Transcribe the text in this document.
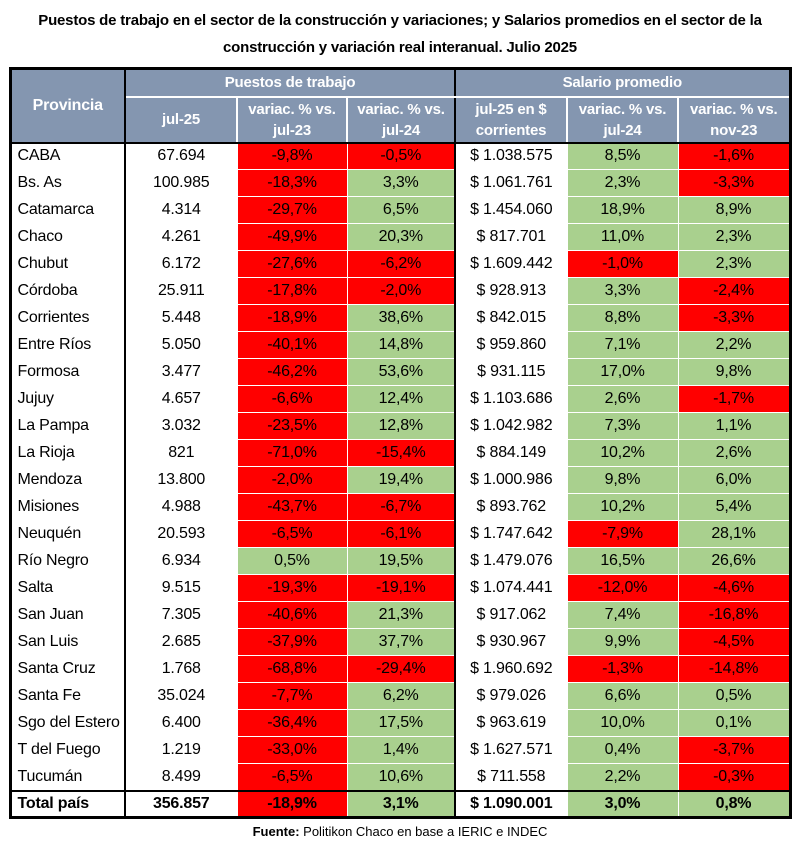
Puestos de trabajo en el sector de la construcción y variaciones; y Salarios promedios en el sector de la
construcción y variación real interanual. Julio 2025
Provincia	Puestos de trabajo			Salario promedio		

jul-25

variac. % vs.
jul-23

variac. % vs.
jul-24

jul-25 en $
corrientes

variac. % vs.
jul-24

variac. % vs.
nov-23

CABA	67.694	-9,8%	-0,5%	$ 1.038.575	8,5%	-1,6%
Bs. As	100.985	-18,3%	3,3%	$ 1.061.761	2,3%	-3,3%
Catamarca	4.314	-29,7%	6,5%	$ 1.454.060	18,9%	8,9%
Chaco	4.261	-49,9%	20,3%	$ 817.701	11,0%	2,3%
Chubut	6.172	-27,6%	-6,2%	$ 1.609.442	-1,0%	2,3%
Córdoba	25.911	-17,8%	-2,0%	$ 928.913	3,3%	-2,4%
Corrientes	5.448	-18,9%	38,6%	$ 842.015	8,8%	-3,3%
Entre Ríos	5.050	-40,1%	14,8%	$ 959.860	7,1%	2,2%
Formosa	3.477	-46,2%	53,6%	$ 931.115	17,0%	9,8%
Jujuy	4.657	-6,6%	12,4%	$ 1.103.686	2,6%	-1,7%
La Pampa	3.032	-23,5%	12,8%	$ 1.042.982	7,3%	1,1%
La Rioja	821	-71,0%	-15,4%	$ 884.149	10,2%	2,6%
Mendoza	13.800	-2,0%	19,4%	$ 1.000.986	9,8%	6,0%
Misiones	4.988	-43,7%	-6,7%	$ 893.762	10,2%	5,4%
Neuquén	20.593	-6,5%	-6,1%	$ 1.747.642	-7,9%	28,1%
Río Negro	6.934	0,5%	19,5%	$ 1.479.076	16,5%	26,6%
Salta	9.515	-19,3%	-19,1%	$ 1.074.441	-12,0%	-4,6%
San Juan	7.305	-40,6%	21,3%	$ 917.062	7,4%	-16,8%
San Luis	2.685	-37,9%	37,7%	$ 930.967	9,9%	-4,5%
Santa Cruz	1.768	-68,8%	-29,4%	$ 1.960.692	-1,3%	-14,8%
Santa Fe	35.024	-7,7%	6,2%	$ 979.026	6,6%	0,5%
Sgo del Estero	6.400	-36,4%	17,5%	$ 963.619	10,0%	0,1%
T del Fuego	1.219	-33,0%	1,4%	$ 1.627.571	0,4%	-3,7%
Tucumán	8.499	-6,5%	10,6%	$ 711.558	2,2%	-0,3%
Total país	356.857	-18,9%	3,1%	$ 1.090.001	3,0%	0,8%
Fuente: Politikon Chaco en base a IERIC e INDEC
